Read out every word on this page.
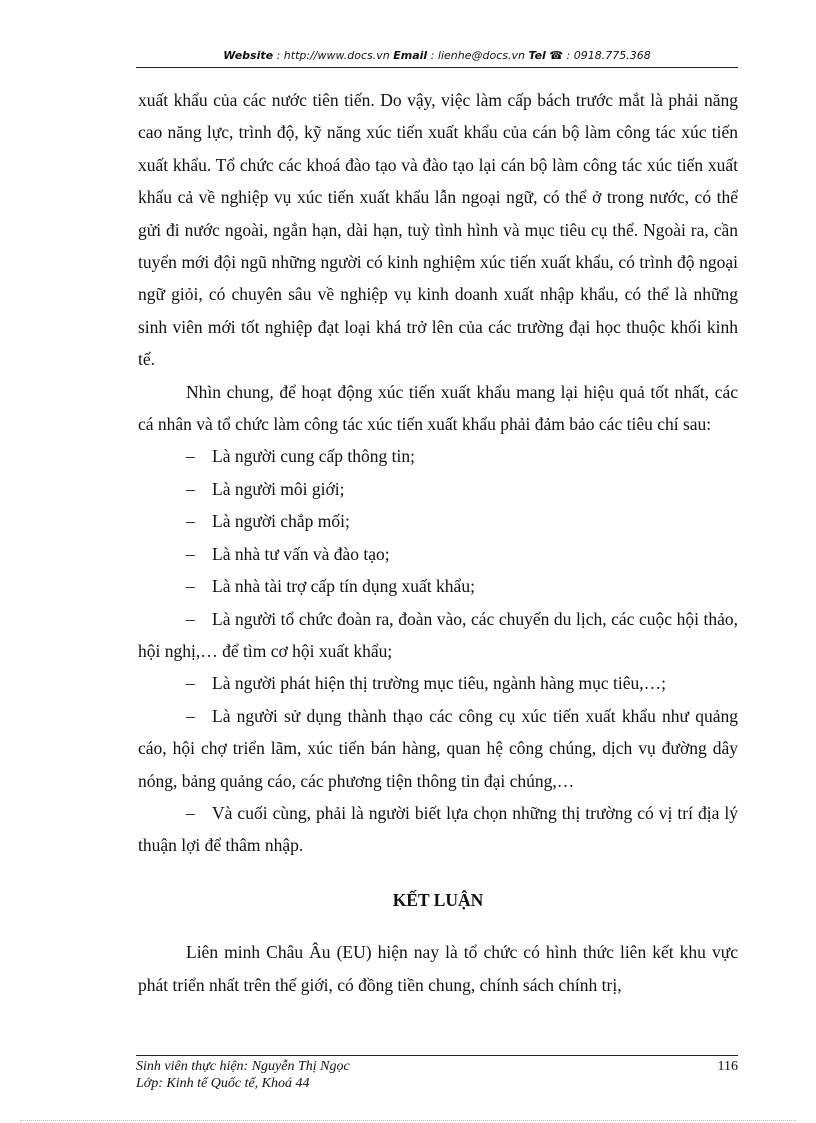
Website : http://www.docs.vn Email : lienhe@docs.vn Tel ☎ : 0918.775.368

xuất khẩu của các nước tiên tiến. Do vậy, việc làm cấp bách trước mắt là phải năng cao năng lực, trình độ, kỹ năng xúc tiến xuất khẩu của cán bộ làm công tác xúc tiến xuất khẩu. Tổ chức các khoá đào tạo và đào tạo lại cán bộ làm công tác xúc tiến xuất khẩu cả về nghiệp vụ xúc tiến xuất khẩu lẫn ngoại ngữ, có thể ở trong nước, có thể gửi đi nước ngoài, ngắn hạn, dài hạn, tuỳ tình hình và mục tiêu cụ thể. Ngoài ra, cần tuyển mới đội ngũ những người có kinh nghiệm xúc tiến xuất khẩu, có trình độ ngoại ngữ giỏi, có chuyên sâu về nghiệp vụ kinh doanh xuất nhập khẩu, có thể là những sinh viên mới tốt nghiệp đạt loại khá trở lên của các trường đại học thuộc khối kinh tế.

Nhìn chung, để hoạt động xúc tiến xuất khẩu mang lại hiệu quả tốt nhất, các cá nhân và tổ chức làm công tác xúc tiến xuất khẩu phải đảm bảo các tiêu chí sau:

– Là người cung cấp thông tin;

– Là người môi giới;

– Là người chắp mối;

– Là nhà tư vấn và đào tạo;

– Là nhà tài trợ cấp tín dụng xuất khẩu;

– Là người tổ chức đoàn ra, đoàn vào, các chuyến du lịch, các cuộc hội thảo, hội nghị,… để tìm cơ hội xuất khẩu;

– Là người phát hiện thị trường mục tiêu, ngành hàng mục tiêu,…;

– Là người sử dụng thành thạo các công cụ xúc tiến xuất khẩu như quảng cáo, hội chợ triển lãm, xúc tiến bán hàng, quan hệ công chúng, dịch vụ đường dây nóng, bảng quảng cáo, các phương tiện thông tin đại chúng,…

– Và cuối cùng, phải là người biết lựa chọn những thị trường có vị trí địa lý thuận lợi để thâm nhập.

KẾT LUẬN

Liên minh Châu Âu (EU) hiện nay là tổ chức có hình thức liên kết khu vực phát triển nhất trên thế giới, có đồng tiền chung, chính sách chính trị,

Sinh viên thực hiện: Nguyễn Thị Ngọc
Lớp: Kinh tế Quốc tế, Khoá 44
116
